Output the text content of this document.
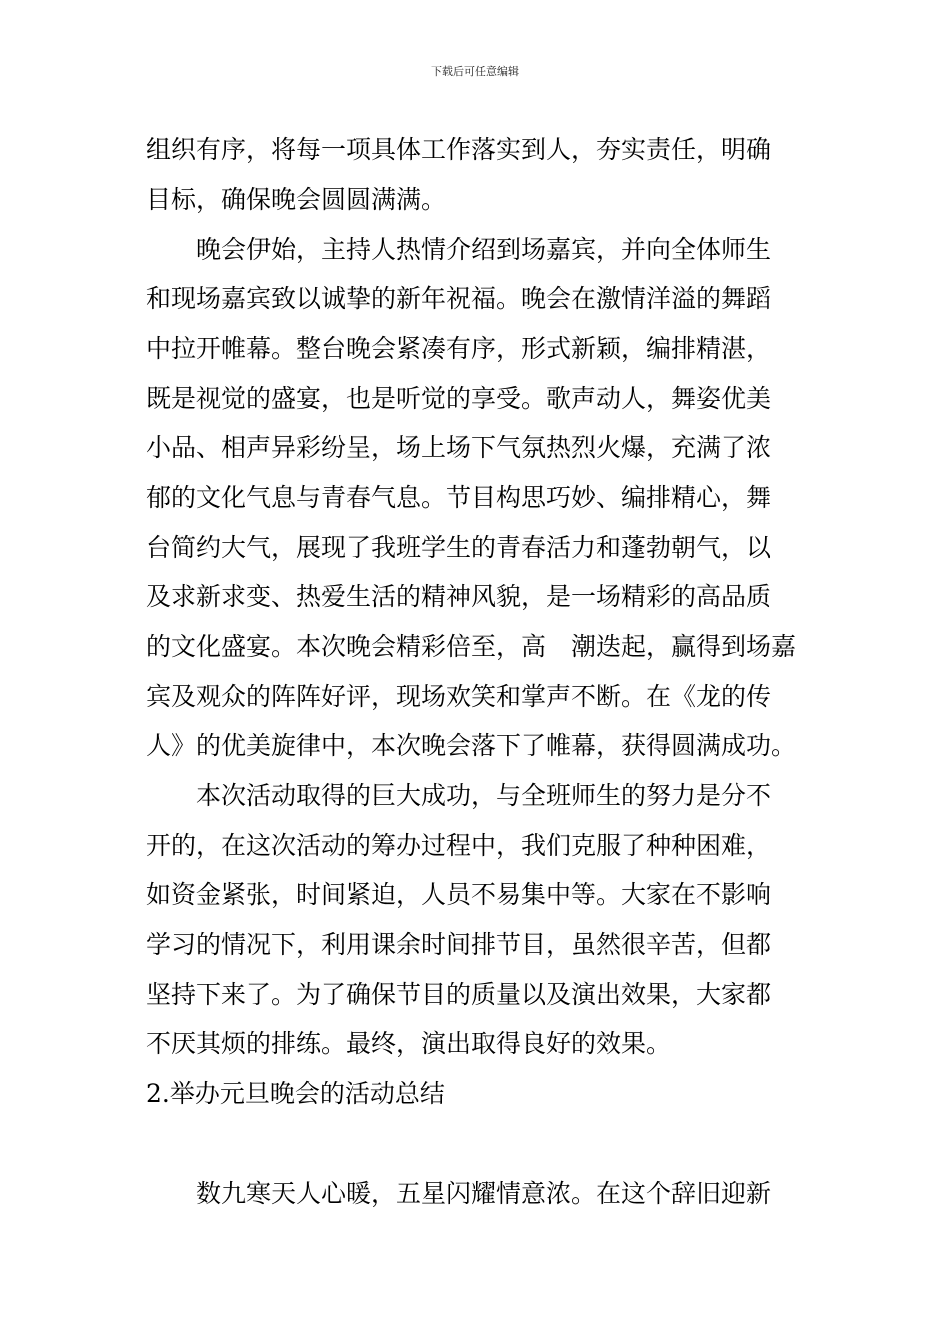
下载后可任意编辑
组织有序，将每一项具体工作落实到人，夯实责任，明确
目标，确保晚会圆圆满满。
　　晚会伊始，主持人热情介绍到场嘉宾，并向全体师生
和现场嘉宾致以诚挚的新年祝福。晚会在激情洋溢的舞蹈
中拉开帷幕。整台晚会紧凑有序，形式新颖，编排精湛，
既是视觉的盛宴，也是听觉的享受。歌声动人，舞姿优美
小品、相声异彩纷呈，场上场下气氛热烈火爆，充满了浓
郁的文化气息与青春气息。节目构思巧妙、编排精心，舞
台简约大气，展现了我班学生的青春活力和蓬勃朝气，以
及求新求变、热爱生活的精神风貌，是一场精彩的高品质
的文化盛宴。本次晚会精彩倍至，高　潮迭起，赢得到场嘉
宾及观众的阵阵好评，现场欢笑和掌声不断。在《龙的传
人》的优美旋律中，本次晚会落下了帷幕，获得圆满成功。
　　本次活动取得的巨大成功，与全班师生的努力是分不
开的，在这次活动的筹办过程中，我们克服了种种困难，
如资金紧张，时间紧迫，人员不易集中等。大家在不影响
学习的情况下，利用课余时间排节目，虽然很辛苦，但都
坚持下来了。为了确保节目的质量以及演出效果，大家都
不厌其烦的排练。最终，演出取得良好的效果。
2.举办元旦晚会的活动总结
　　数九寒天人心暖，五星闪耀情意浓。在这个辞旧迎新
